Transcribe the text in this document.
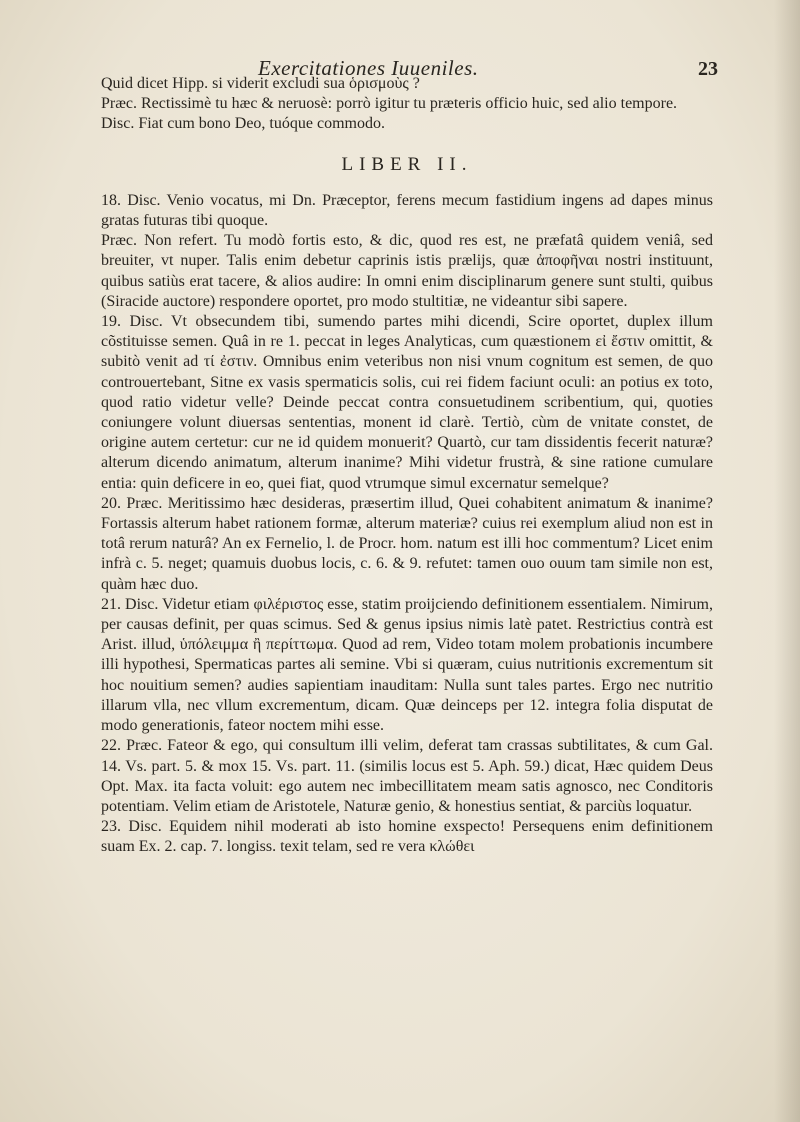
Exercitationes Iuueniles.	23

Quid dicet Hipp. si viderit excludi sua ὁρισμοὺς ?

Præc. Rectissimè tu hæc & neruosè: porrò igitur tu præteris officio huic, sed alio tempore.

Disc. Fiat cum bono Deo, tuóque commodo.

LIBER II.

18. Disc. Venio vocatus, mi Dn. Præceptor, ferens mecum fastidium ingens ad dapes minus gratas futuras tibi quoque.

Præc. Non refert. Tu modò fortis esto, & dic, quod res est, ne præfatâ quidem veniâ, sed breuiter, vt nuper. Talis enim debetur caprinis istis prælijs, quæ ἀποφῆναι nostri instituunt, quibus satiùs erat tacere, & alios audire: In omni enim disciplinarum genere sunt stulti, quibus (Siracide auctore) respondere oportet, pro modo stultitiæ, ne videantur sibi sapere.

19. Disc. Vt obsecundem tibi, sumendo partes mihi dicendi, Scire oportet, duplex illum cõstituisse semen. Quâ in re 1. peccat in leges Analyticas, cum quæstionem εἰ ἔστιν omittit, & subitò venit ad τί ἐστιν. Omnibus enim veteribus non nisi vnum cognitum est semen, de quo controuertebant, Sitne ex vasis spermaticis solis, cui rei fidem faciunt oculi: an potius ex toto, quod ratio videtur velle? Deinde peccat contra consuetudinem scribentium, qui, quoties coniungere volunt diuersas sententias, monent id clarè. Tertiò, cùm de vnitate constet, de origine autem certetur: cur ne id quidem monuerit? Quartò, cur tam dissidentis fecerit naturæ? alterum dicendo animatum, alterum inanime? Mihi videtur frustrà, & sine ratione cumulare entia: quin deficere in eo, quei fiat, quod vtrumque simul excernatur semelque?

20. Præc. Meritissimo hæc desideras, præsertim illud, Quei cohabitent animatum & inanime? Fortassis alterum habet rationem formæ, alterum materiæ? cuius rei exemplum aliud non est in totâ rerum naturâ? An ex Fernelio, l. de Procr. hom. natum est illi hoc commentum? Licet enim infrà c. 5. neget; quamuis duobus locis, c. 6. & 9. refutet: tamen ouo ouum tam simile non est, quàm hæc duo.

21. Disc. Videtur etiam φιλέριστος esse, statim proijciendo definitionem essentialem. Nimirum, per causas definit, per quas scimus. Sed & genus ipsius nimis latè patet. Restrictius contrà est Arist. illud, ὑπόλειμμα ἢ περίττωμα. Quod ad rem, Video totam molem probationis incumbere illi hypothesi, Spermaticas partes ali semine. Vbi si quæram, cuius nutritionis excrementum sit hoc nouitium semen? audies sapientiam inauditam: Nulla sunt tales partes. Ergo nec nutritio illarum vlla, nec vllum excrementum, dicam. Quæ deinceps per 12. integra folia disputat de modo generationis, fateor noctem mihi esse.

22. Præc. Fateor & ego, qui consultum illi velim, deferat tam crassas subtilitates, & cum Gal. 14. Vs. part. 5. & mox 15. Vs. part. 11. (similis locus est 5. Aph. 59.) dicat, Hæc quidem Deus Opt. Max. ita facta voluit: ego autem nec imbecillitatem meam satis agnosco, nec Conditoris potentiam. Velim etiam de Aristotele, Naturæ genio, & honestius sentiat, & parciùs loquatur.

23. Disc. Equidem nihil moderati ab isto homine exspecto! Persequens enim definitionem suam Ex. 2. cap. 7. longiss. texit telam, sed re vera κλώθει
